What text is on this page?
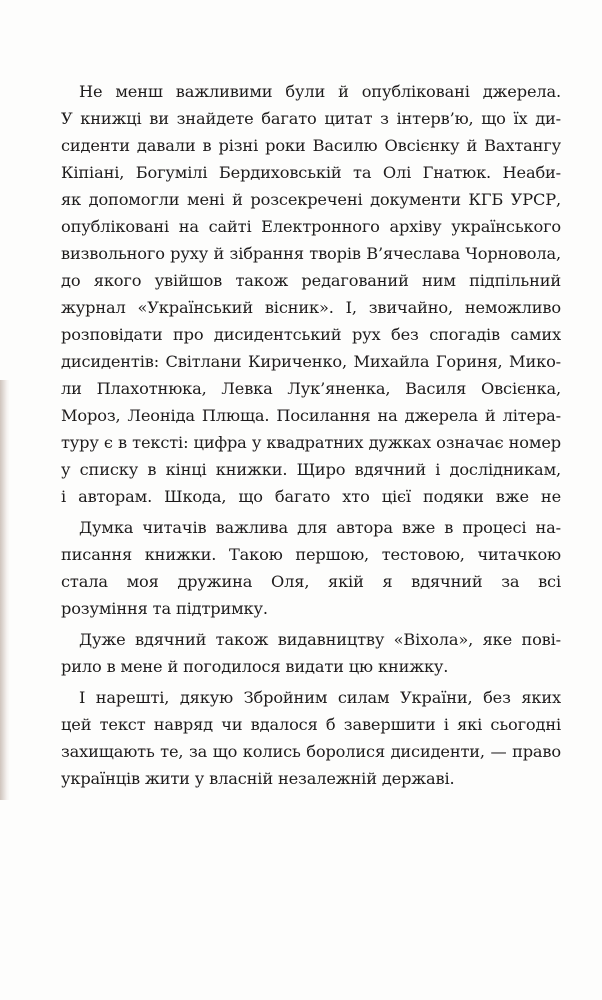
Не менш важливими були й опубліковані джерела.
У книжці ви знайдете багато цитат з інтерв’ю, що їх ди-
сиденти давали в різні роки Василю Овсієнку й Вахтангу
Кіпіані, Богумілі Бердиховській та Олі Гнатюк. Неаби-
як допомогли мені й розсекречені документи КГБ УРСР,
опубліковані на сайті Електронного архіву українського
визвольного руху й зібрання творів В’ячеслава Чорновола,
до якого увійшов також редагований ним підпільний
журнал «Український вісник». І, звичайно, неможливо
розповідати про дисидентський рух без спогадів самих
дисидентів: Світлани Кириченко, Михайла Гориня, Мико-
ли Плахотнюка, Левка Лук’яненка, Василя Овсієнка,
Мороз, Леоніда Плюща. Посилання на джерела й літера-
туру є в тексті: цифра у квадратних дужках означає номер
у списку в кінці книжки. Щиро вдячний і дослідникам,
і авторам. Шкода, що багато хто цієї подяки вже не
Думка читачів важлива для автора вже в процесі на-
писання книжки. Такою першою, тестовою, читачкою
стала моя дружина Оля, якій я вдячний за всі
розуміння та підтримку.
Дуже вдячний також видавництву «Віхола», яке пові-
рило в мене й погодилося видати цю книжку.
І нарешті, дякую Збройним силам України, без яких
цей текст навряд чи вдалося б завершити і які сьогодні
захищають те, за що колись боролися дисиденти, — право
українців жити у власній незалежній державі.
